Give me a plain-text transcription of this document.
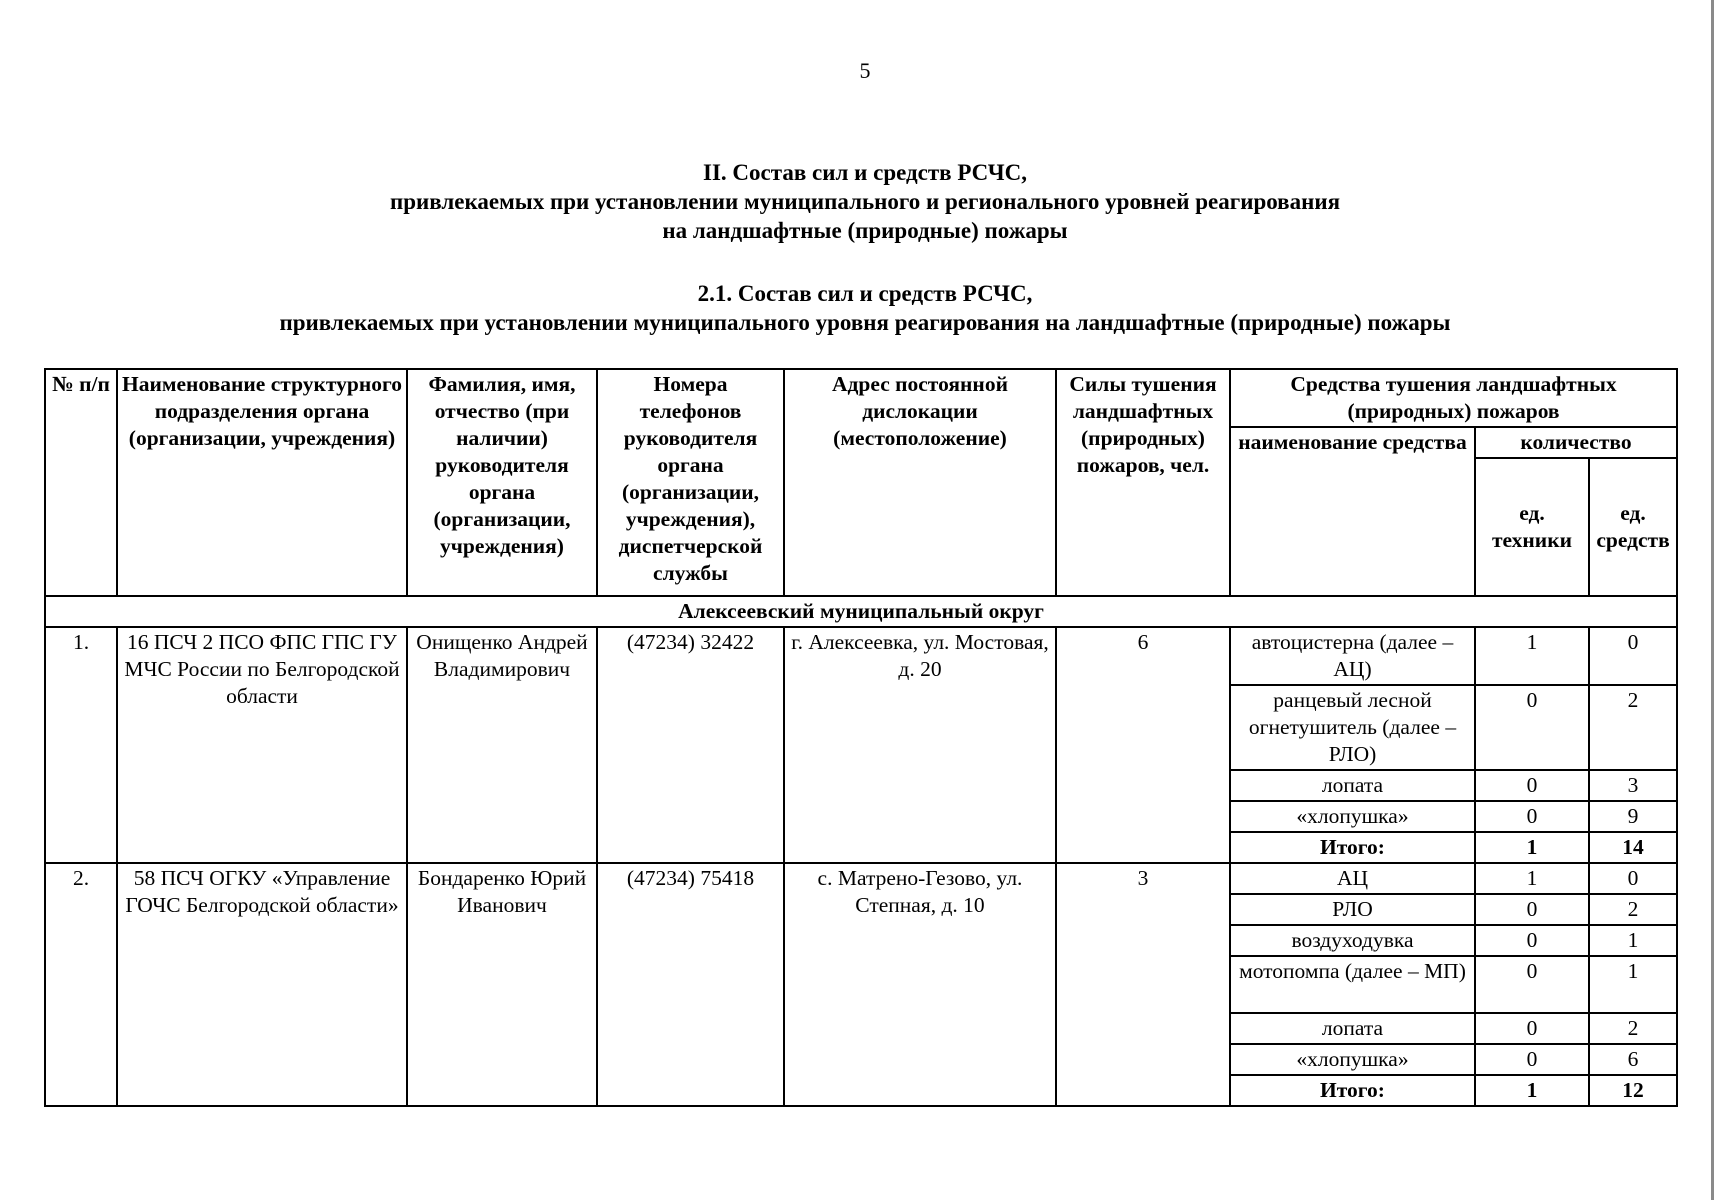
5
II. Состав сил и средств РСЧС,
привлекаемых при установлении муниципального и регионального уровней реагирования
на ландшафтные (природные) пожары
2.1. Состав сил и средств РСЧС,
привлекаемых при установлении муниципального уровня реагирования на ландшафтные (природные) пожары
№ п/п	Наименование структурного подразделения органа (организации, учреждения)	Фамилия, имя, отчество (при наличии) руководителя органа (организации, учреждения)	Номера телефонов руководителя органа (организации, учреждения), диспетчерской службы	Адрес постоянной дислокации (местоположение)	Силы тушения ландшафтных (природных) пожаров, чел.	Средства тушения ландшафтных (природных) пожаров		
						наименование средства	количество	
							ед. техники	ед. средств
Алексеевский муниципальный округ								
1.	16 ПСЧ 2 ПСО ФПС ГПС ГУ МЧС России по Белгородской области	Онищенко Андрей Владимирович	(47234) 32422	г. Алексеевка, ул. Мостовая, д. 20	6	автоцистерна (далее – АЦ)	1	0
						ранцевый лесной огнетушитель (далее – РЛО)	0	2
						лопата	0	3
						«хлопушка»	0	9
						Итого:	1	14
2.	58 ПСЧ ОГКУ «Управление ГОЧС Белгородской области»	Бондаренко Юрий Иванович	(47234) 75418	с. Матрено-Гезово, ул. Степная, д. 10	3	АЦ	1	0
						РЛО	0	2
						воздуходувка	0	1
						мотопомпа (далее – МП)	0	1
						лопата	0	2
						«хлопушка»	0	6
						Итого:	1	12
